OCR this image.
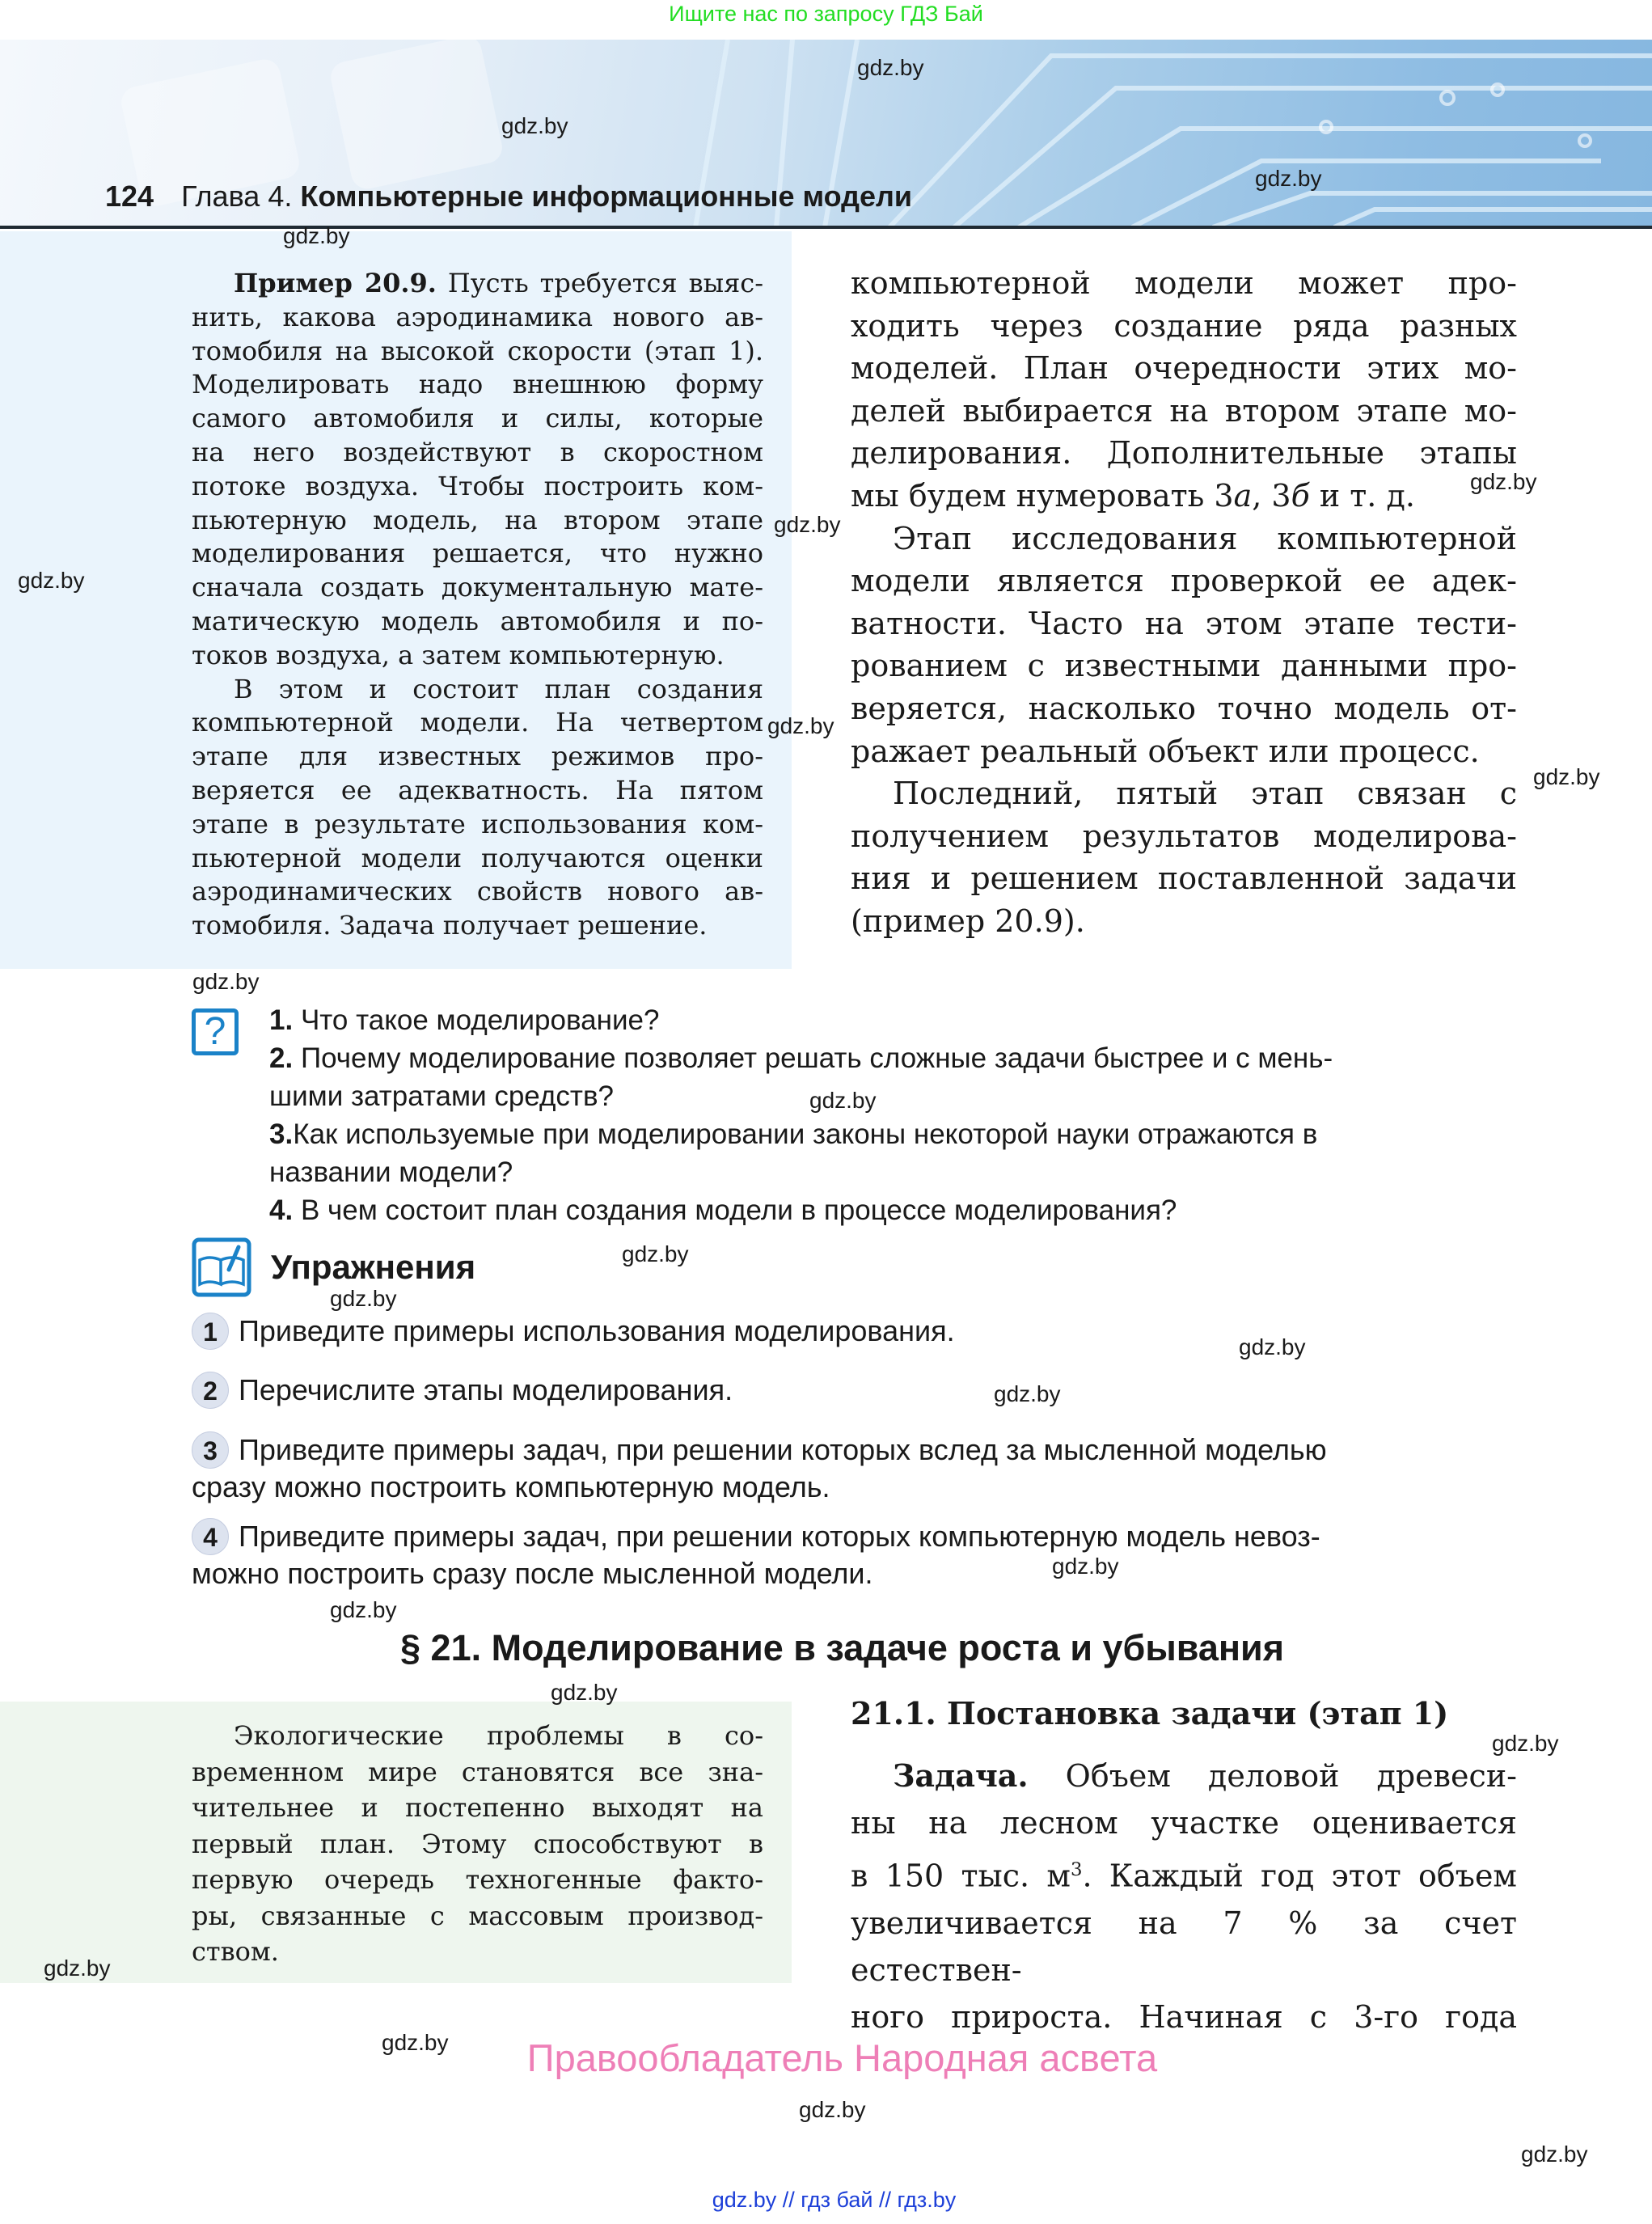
Ищите нас по запросу ГДЗ Бай
124 Глава 4. Компьютерные информационные модели
Пример 20.9. Пусть требуется выяс-
нить, какова аэродинамика нового ав-
томобиля на высокой скорости (этап 1).
Моделировать надо внешнюю форму
самого автомобиля и силы, которые
на него воздействуют в скоростном
потоке воздуха. Чтобы построить ком-
пьютерную модель, на втором этапе
моделирования решается, что нужно
сначала создать документальную мате-
матическую модель автомобиля и по-
токов воздуха, а затем компьютерную.
В этом и состоит план создания
компьютерной модели. На четвертом
этапе для известных режимов про-
веряется ее адекватность. На пятом
этапе в результате использования ком-
пьютерной модели получаются оценки
аэродинамических свойств нового ав-
томобиля. Задача получает решение.
компьютерной модели может про-
ходить через создание ряда разных
моделей. План очередности этих мо-
делей выбирается на втором этапе мо-
делирования. Дополнительные этапы
мы будем нумеровать 3а, 3б и т. д.
Этап исследования компьютерной
модели является проверкой ее адек-
ватности. Часто на этом этапе тести-
рованием с известными данными про-
веряется, насколько точно модель от-
ражает реальный объект или процесс.
Последний, пятый этап связан с
получением результатов моделирова-
ния и решением поставленной задачи
(пример 20.9).
?	1. Что такое моделирование?
2. Почему моделирование позволяет решать сложные задачи быстрее и с мень-
шими затратами средств?
3.Как используемые при моделировании законы некоторой науки отражаются в
названии модели?
4. В чем состоит план создания модели в процессе моделирования?
Упражнения
1 Приведите примеры использования моделирования.
2 Перечислите этапы моделирования.
3 Приведите примеры задач, при решении которых вслед за мысленной моделью
сразу можно построить компьютерную модель.
4 Приведите примеры задач, при решении которых компьютерную модель невоз-
можно построить сразу после мысленной модели.
§ 21. Моделирование в задаче роста и убывания
Экологические проблемы в со-
временном мире становятся все зна-
чительнее и постепенно выходят на
первый план. Этому способствуют в
первую очередь техногенные факто-
ры, связанные с массовым производ-
ством.
21.1. Постановка задачи (этап 1)
Задача. Объем деловой древеси-
ны на лесном участке оценивается
в 150 тыс. $м^3$. Каждый год этот объем
увеличивается на 7 % за счет естествен-
ного прироста. Начиная с 3-го года
Правообладатель Народная асвета
gdz.by // гдз бай // гдз.by
gdz.by
gdz.by
gdz.by
gdz.by
gdz.by
gdz.by
gdz.by
gdz.by
gdz.by
gdz.by
gdz.by
gdz.by
gdz.by
gdz.by
gdz.by
gdz.by
gdz.by
gdz.by
gdz.by
gdz.by
gdz.by
gdz.by
gdz.by
